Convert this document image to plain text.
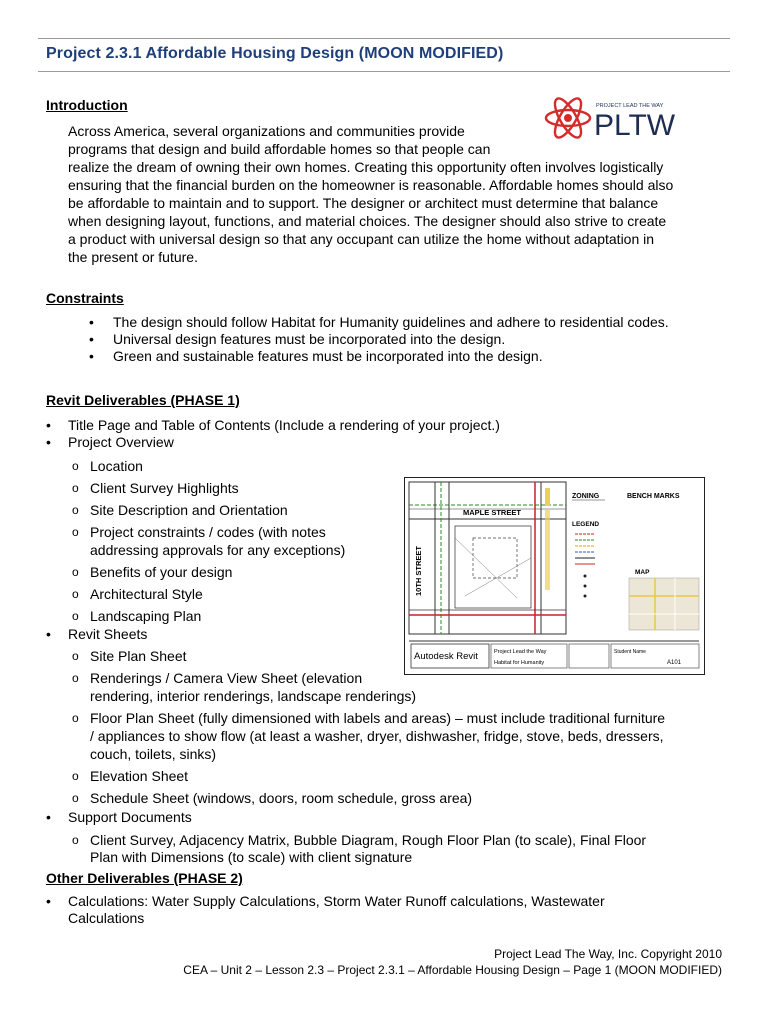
Project 2.3.1 Affordable Housing Design (MOON MODIFIED)
Introduction	PROJECT LEAD THE WAY
PLTW

Across America, several organizations and communities provide
programs that design and build affordable homes so that people can
realize the dream of owning their own homes. Creating this opportunity often involves logistically
ensuring that the financial burden on the homeowner is reasonable. Affordable homes should also
be affordable to maintain and to support. The designer or architect must determine that balance
when designing layout, functions, and material choices. The designer should also strive to create
a product with universal design so that any occupant can utilize the home without adaptation in
the present or future.

Constraints
• The design should follow Habitat for Humanity guidelines and adhere to residential codes.
• Universal design features must be incorporated into the design.
• Green and sustainable features must be incorporated into the design.
Revit Deliverables (PHASE 1)
• Title Page and Table of Contents (Include a rendering of your project.)
• Project Overview
o Location
o Client Survey Highlights
o Site Description and Orientation
o Project constraints / codes (with notes
addressing approvals for any exceptions)
o Benefits of your design
o Architectural Style
o Landscaping Plan
• Revit Sheets
o Site Plan Sheet
o Renderings / Camera View Sheet (elevation
rendering, interior renderings, landscape renderings)
o Floor Plan Sheet (fully dimensioned with labels and areas) – must include traditional furniture
/ appliances to show flow (at least a washer, dryer, dishwasher, fridge, stove, beds, dressers,
couch, toilets, sinks)
o Elevation Sheet
o Schedule Sheet (windows, doors, room schedule, gross area)
• Support Documents
o Client Survey, Adjacency Matrix, Bubble Diagram, Rough Floor Plan (to scale), Final Floor
Plan with Dimensions (to scale) with client signature
Other Deliverables (PHASE 2)
•	Calculations: Water Supply Calculations, Storm Water Runoff calculations, Wastewater
Calculations
MAPLE STREET
10TH STREET
ZONING	BENCH MARKS
LEGEND
MAP
Autodesk Revit	Project Lead the Way
Habitat for Humanity
Student Name
A101
Project Lead The Way, Inc. Copyright 2010
CEA – Unit 2 – Lesson 2.3 – Project 2.3.1 – Affordable Housing Design – Page 1 (MOON MODIFIED)
